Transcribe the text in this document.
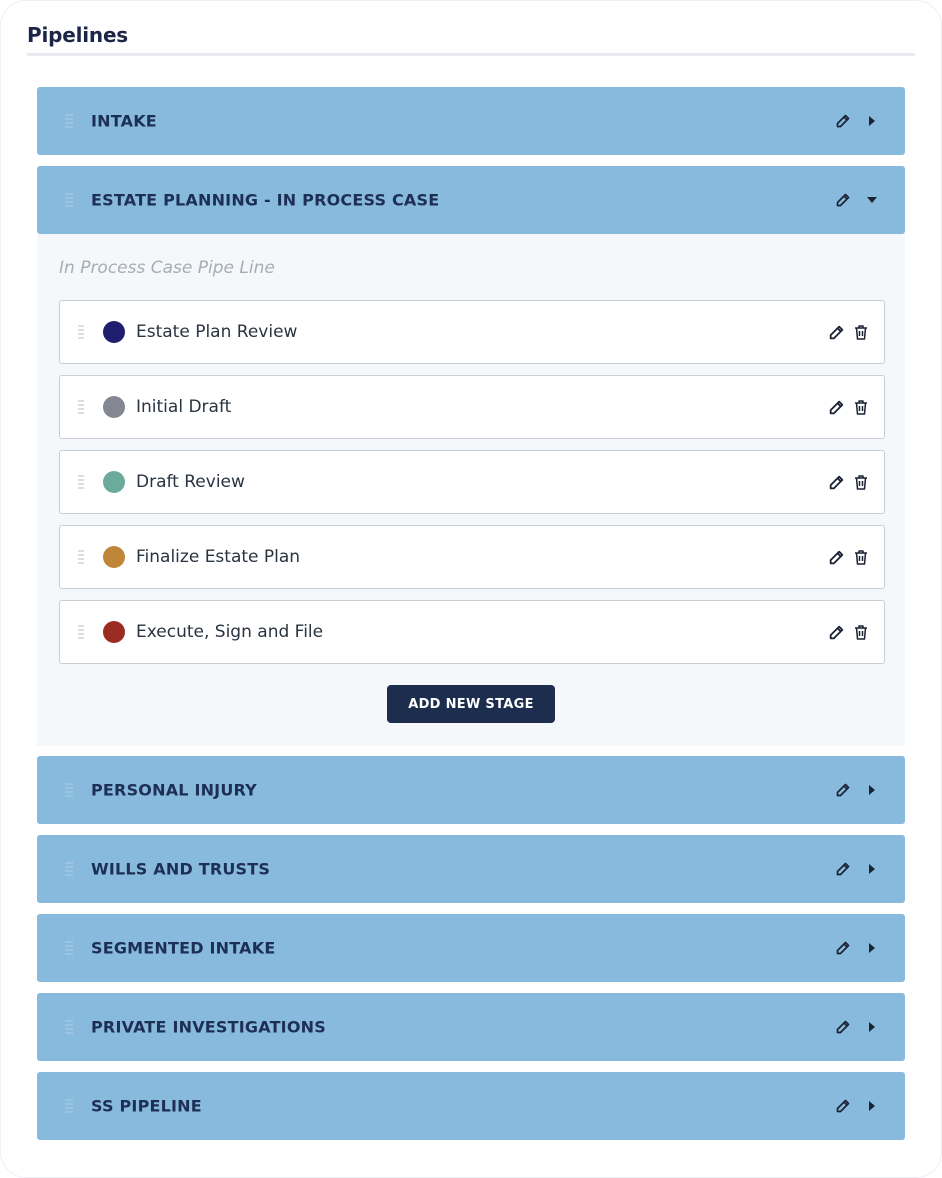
Pipelines
INTAKE
ESTATE PLANNING - IN PROCESS CASE

In Process Case Pipe Line

Estate Plan Review
Initial Draft
Draft Review
Finalize Estate Plan
Execute, Sign and File
ADD NEW STAGE
PERSONAL INJURY
WILLS AND TRUSTS
SEGMENTED INTAKE
PRIVATE INVESTIGATIONS
SS PIPELINE
